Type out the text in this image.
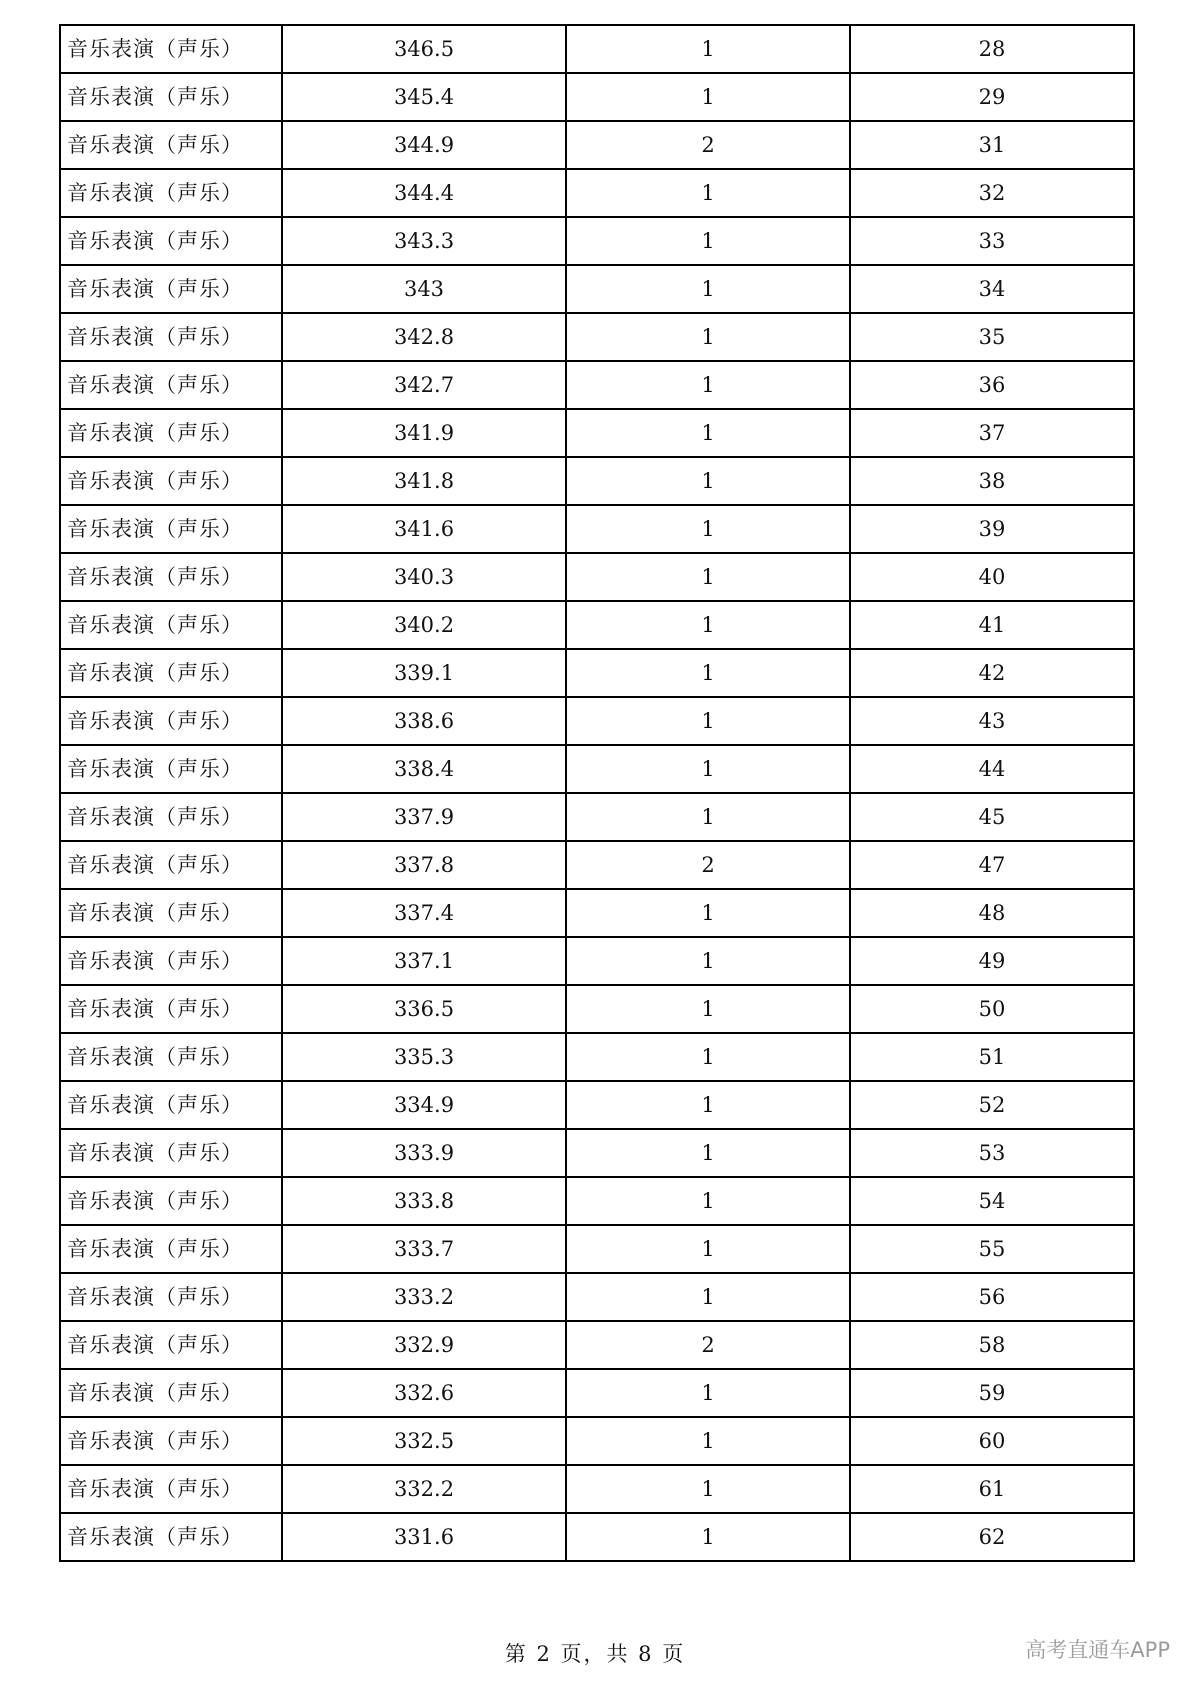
音乐表演（声乐）	346.5	1	28
音乐表演（声乐）	345.4	1	29
音乐表演（声乐）	344.9	2	31
音乐表演（声乐）	344.4	1	32
音乐表演（声乐）	343.3	1	33
音乐表演（声乐）	343	1	34
音乐表演（声乐）	342.8	1	35
音乐表演（声乐）	342.7	1	36
音乐表演（声乐）	341.9	1	37
音乐表演（声乐）	341.8	1	38
音乐表演（声乐）	341.6	1	39
音乐表演（声乐）	340.3	1	40
音乐表演（声乐）	340.2	1	41
音乐表演（声乐）	339.1	1	42
音乐表演（声乐）	338.6	1	43
音乐表演（声乐）	338.4	1	44
音乐表演（声乐）	337.9	1	45
音乐表演（声乐）	337.8	2	47
音乐表演（声乐）	337.4	1	48
音乐表演（声乐）	337.1	1	49
音乐表演（声乐）	336.5	1	50
音乐表演（声乐）	335.3	1	51
音乐表演（声乐）	334.9	1	52
音乐表演（声乐）	333.9	1	53
音乐表演（声乐）	333.8	1	54
音乐表演（声乐）	333.7	1	55
音乐表演（声乐）	333.2	1	56
音乐表演（声乐）	332.9	2	58
音乐表演（声乐）	332.6	1	59
音乐表演（声乐）	332.5	1	60
音乐表演（声乐）	332.2	1	61
音乐表演（声乐）	331.6	1	62
第 2 页，共 8 页	高考直通车APP
